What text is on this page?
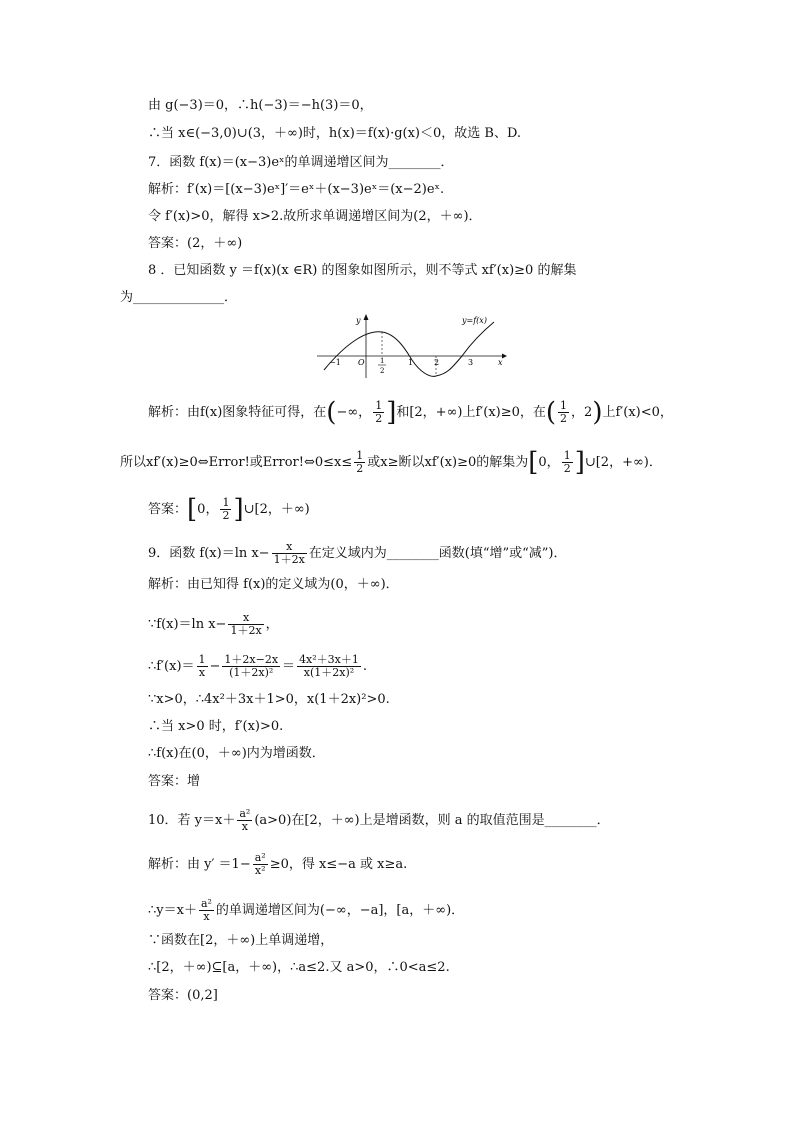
由 g(−3)＝0，∴h(−3)＝−h(3)＝0，
∴当 x∈(−3,0)∪(3，＋∞)时，h(x)＝f(x)·g(x)＜0，故选 B、D.
7．函数 f(x)＝(x−3)eˣ的单调递增区间为________．
解析：f′(x)＝[(x−3)eˣ]′＝eˣ＋(x−3)eˣ＝(x−2)eˣ.
令 f′(x)>0，解得 x>2.故所求单调递增区间为(2，＋∞)．
答案：(2，＋∞)
8 ．已知函数 y ＝f(x)(x ∈R) 的图象如图所示，则不等式 xf′(x)≥0 的解集
为______________．
y
x
O
−1	1	2	3
1
2
y=f(x)
解析：由f(x)图象特征可得，在(−∞， $\frac{1}{2}$ ]和[2，+∞)上f′(x)≥0，在( $\frac{1}{2}$ ，2)上f′(x)<0，
所以xf′(x)≥0⇔Error!或Error!⇔0≤x≤ $\frac{1}{2}$ 或x≥断以xf′(x)≥0的解集为[0， $\frac{1}{2}$ ]∪[2，+∞)．
答案：[0， $\frac{1}{2}$ ]∪[2，＋∞)
9．函数 f(x)＝ln $x- \frac{x}{1+2x}$ 在定义域内为________函数(填“增”或“减”)．
解析：由已知得 f(x)的定义域为(0，＋∞)．
∵f(x)＝ln $x- \frac{x}{1+2x}$ ，
∴f′(x)＝ $\frac{1}{x} - \frac{1+2x-2x}{\text{(1＋2x)²}} = \frac{\text{4x²＋3x＋1}}{\text{x(1＋2x)²}}$ .
∵x>0，∴4x²＋3x＋1>0，x(1＋2x)²>0.
∴当 x>0 时，f′(x)>0.
∴f(x)在(0，＋∞)内为增函数．
答案：增
10．若 $y=x+ \frac{\text{a²}}{x} (a>0)$在[2，＋∞)上是增函数，则 a 的取值范围是________．
解析：由 $y' =1- \frac{\text{a²}}{\text{x²}} \ge 0$，得 x≤−a 或 x≥a.
∴y＝x＋ $\frac{\text{a²}}{x}$ 的单调递增区间为(−∞，−a]，[a，＋∞)．
∵函数在[2，＋∞)上单调递增，
∴[2，＋∞)⊆[a，＋∞)，∴a≤2.又 a>0，∴0<a≤2.
答案：(0,2]
